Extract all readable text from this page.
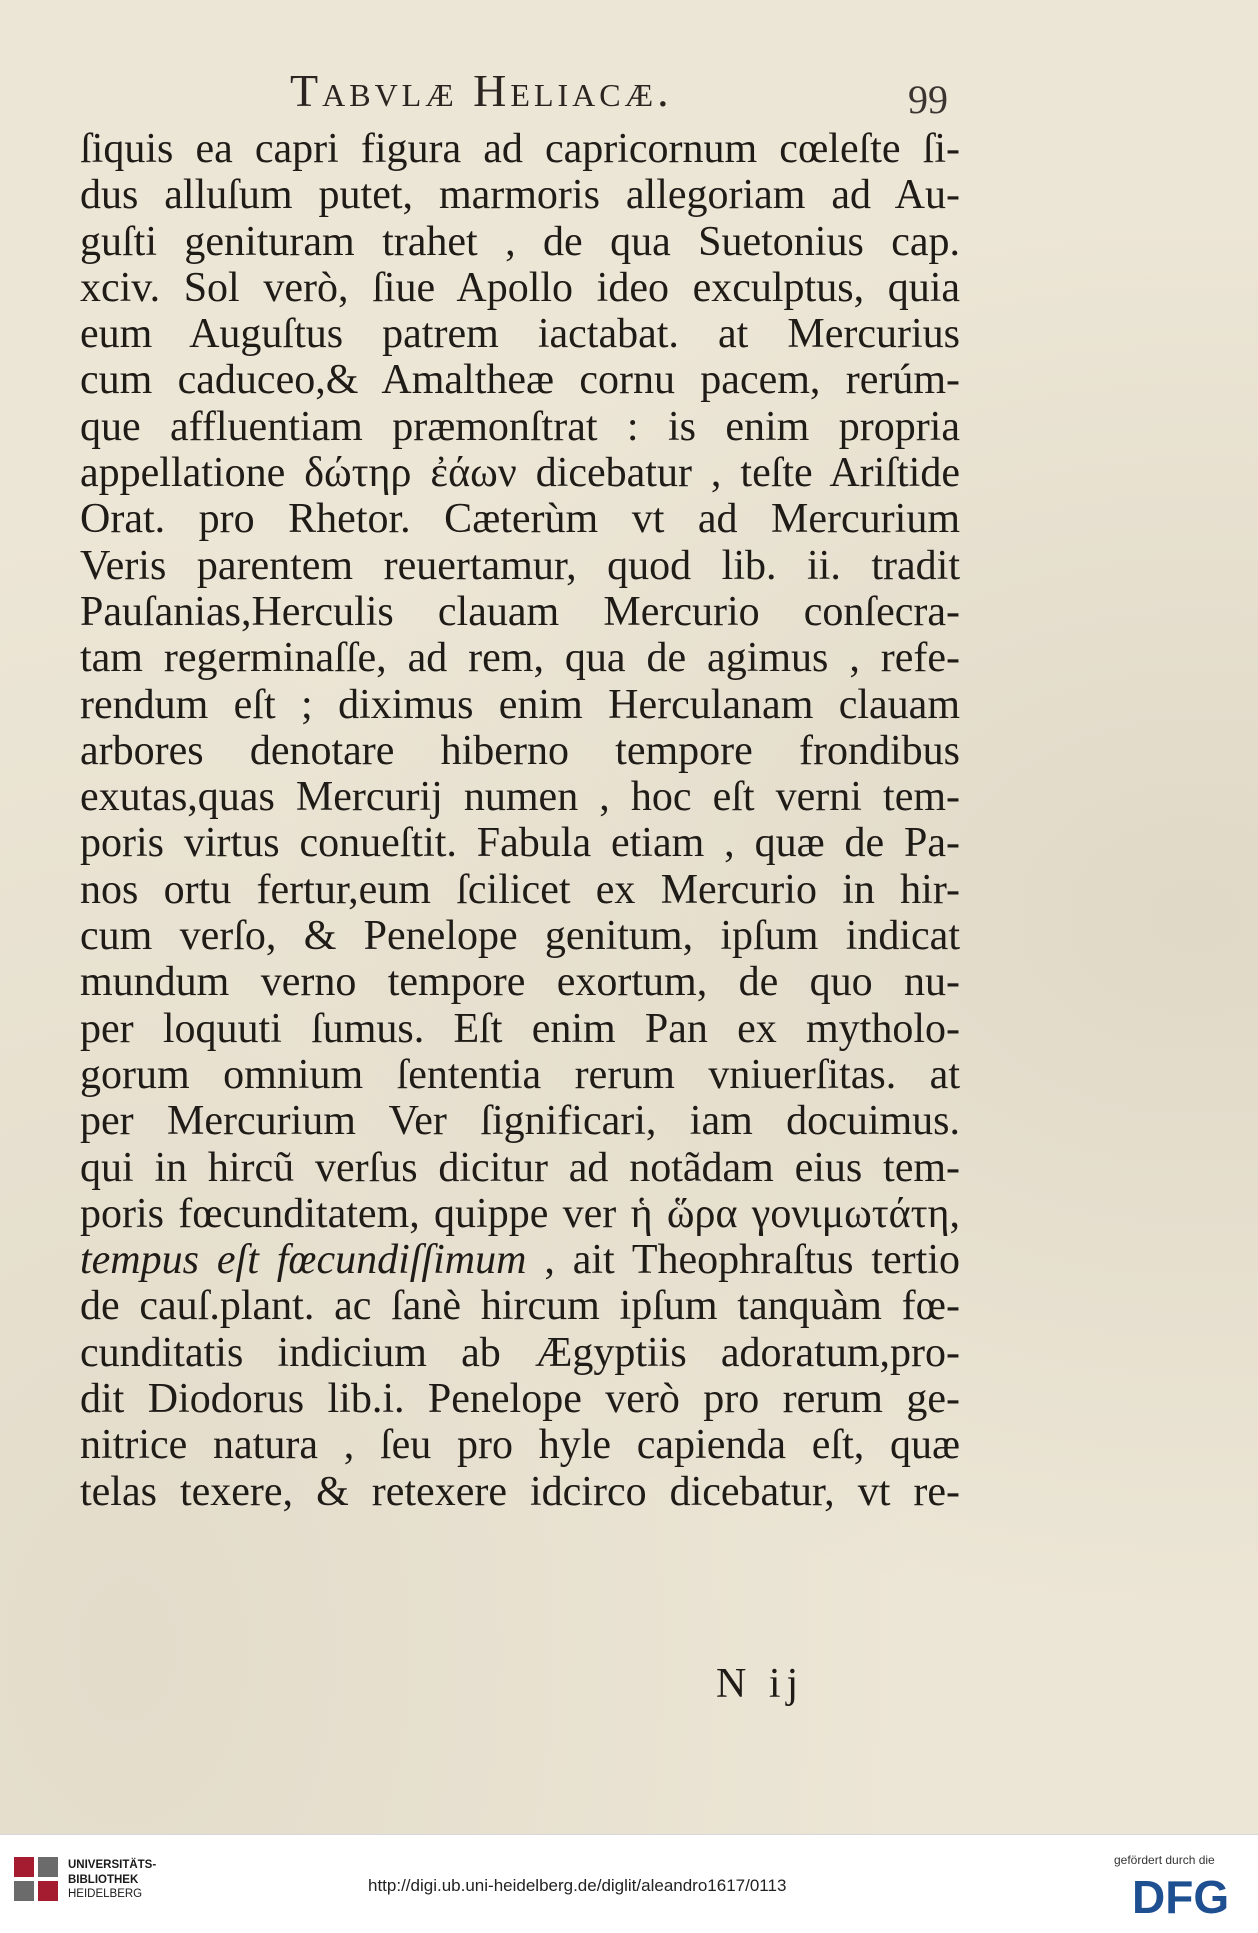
Tabvlæ Heliacæ.	99
ſiquis ea capri figura ad capricornum cœleſte ſi-
dus alluſum putet, marmoris allegoriam ad Au-
guſti genituram trahet , de qua Suetonius cap.
xciv. Sol verò, ſiue Apollo ideo exculptus, quia
eum Auguſtus patrem iactabat. at Mercurius
cum caduceo,& Amaltheæ cornu pacem, rerúm-
que affluentiam præmonſtrat : is enim propria
appellatione δώτηρ ἐάων dicebatur , teſte Ariſtide
Orat. pro Rhetor. Cæterùm vt ad Mercurium
Veris parentem reuertamur, quod lib. ii. tradit
Pauſanias,Herculis clauam Mercurio conſecra-
tam regerminaſſe, ad rem, qua de agimus , refe-
rendum eſt ; diximus enim Herculanam clauam
arbores denotare hiberno tempore frondibus
exutas,quas Mercurij numen , hoc eſt verni tem-
poris virtus conueſtit. Fabula etiam , quæ de Pa-
nos ortu fertur,eum ſcilicet ex Mercurio in hir-
cum verſo, & Penelope genitum, ipſum indicat
mundum verno tempore exortum, de quo nu-
per loquuti ſumus. Eſt enim Pan ex mytholo-
gorum omnium ſententia rerum vniuerſitas. at
per Mercurium Ver ſignificari, iam docuimus.
qui in hircũ verſus dicitur ad notãdam eius tem-
poris fœcunditatem, quippe ver ἡ ὥρα γονιμωτάτη,
tempus eſt fœcundiſſimum , ait Theophraſtus tertio
de cauſ.plant. ac ſanè hircum ipſum tanquàm fœ-
cunditatis indicium ab Ægyptiis adoratum,pro-
dit Diodorus lib.i. Penelope verò pro rerum ge-
nitrice natura , ſeu pro hyle capienda eſt, quæ
telas texere, & retexere idcirco dicebatur, vt re-
N ij
UNIVERSITÄTS-
BIBLIOTHEK
HEIDELBERG	http://digi.ub.uni-heidelberg.de/diglit/aleandro1617/0113
gefördert durch die
DFG
